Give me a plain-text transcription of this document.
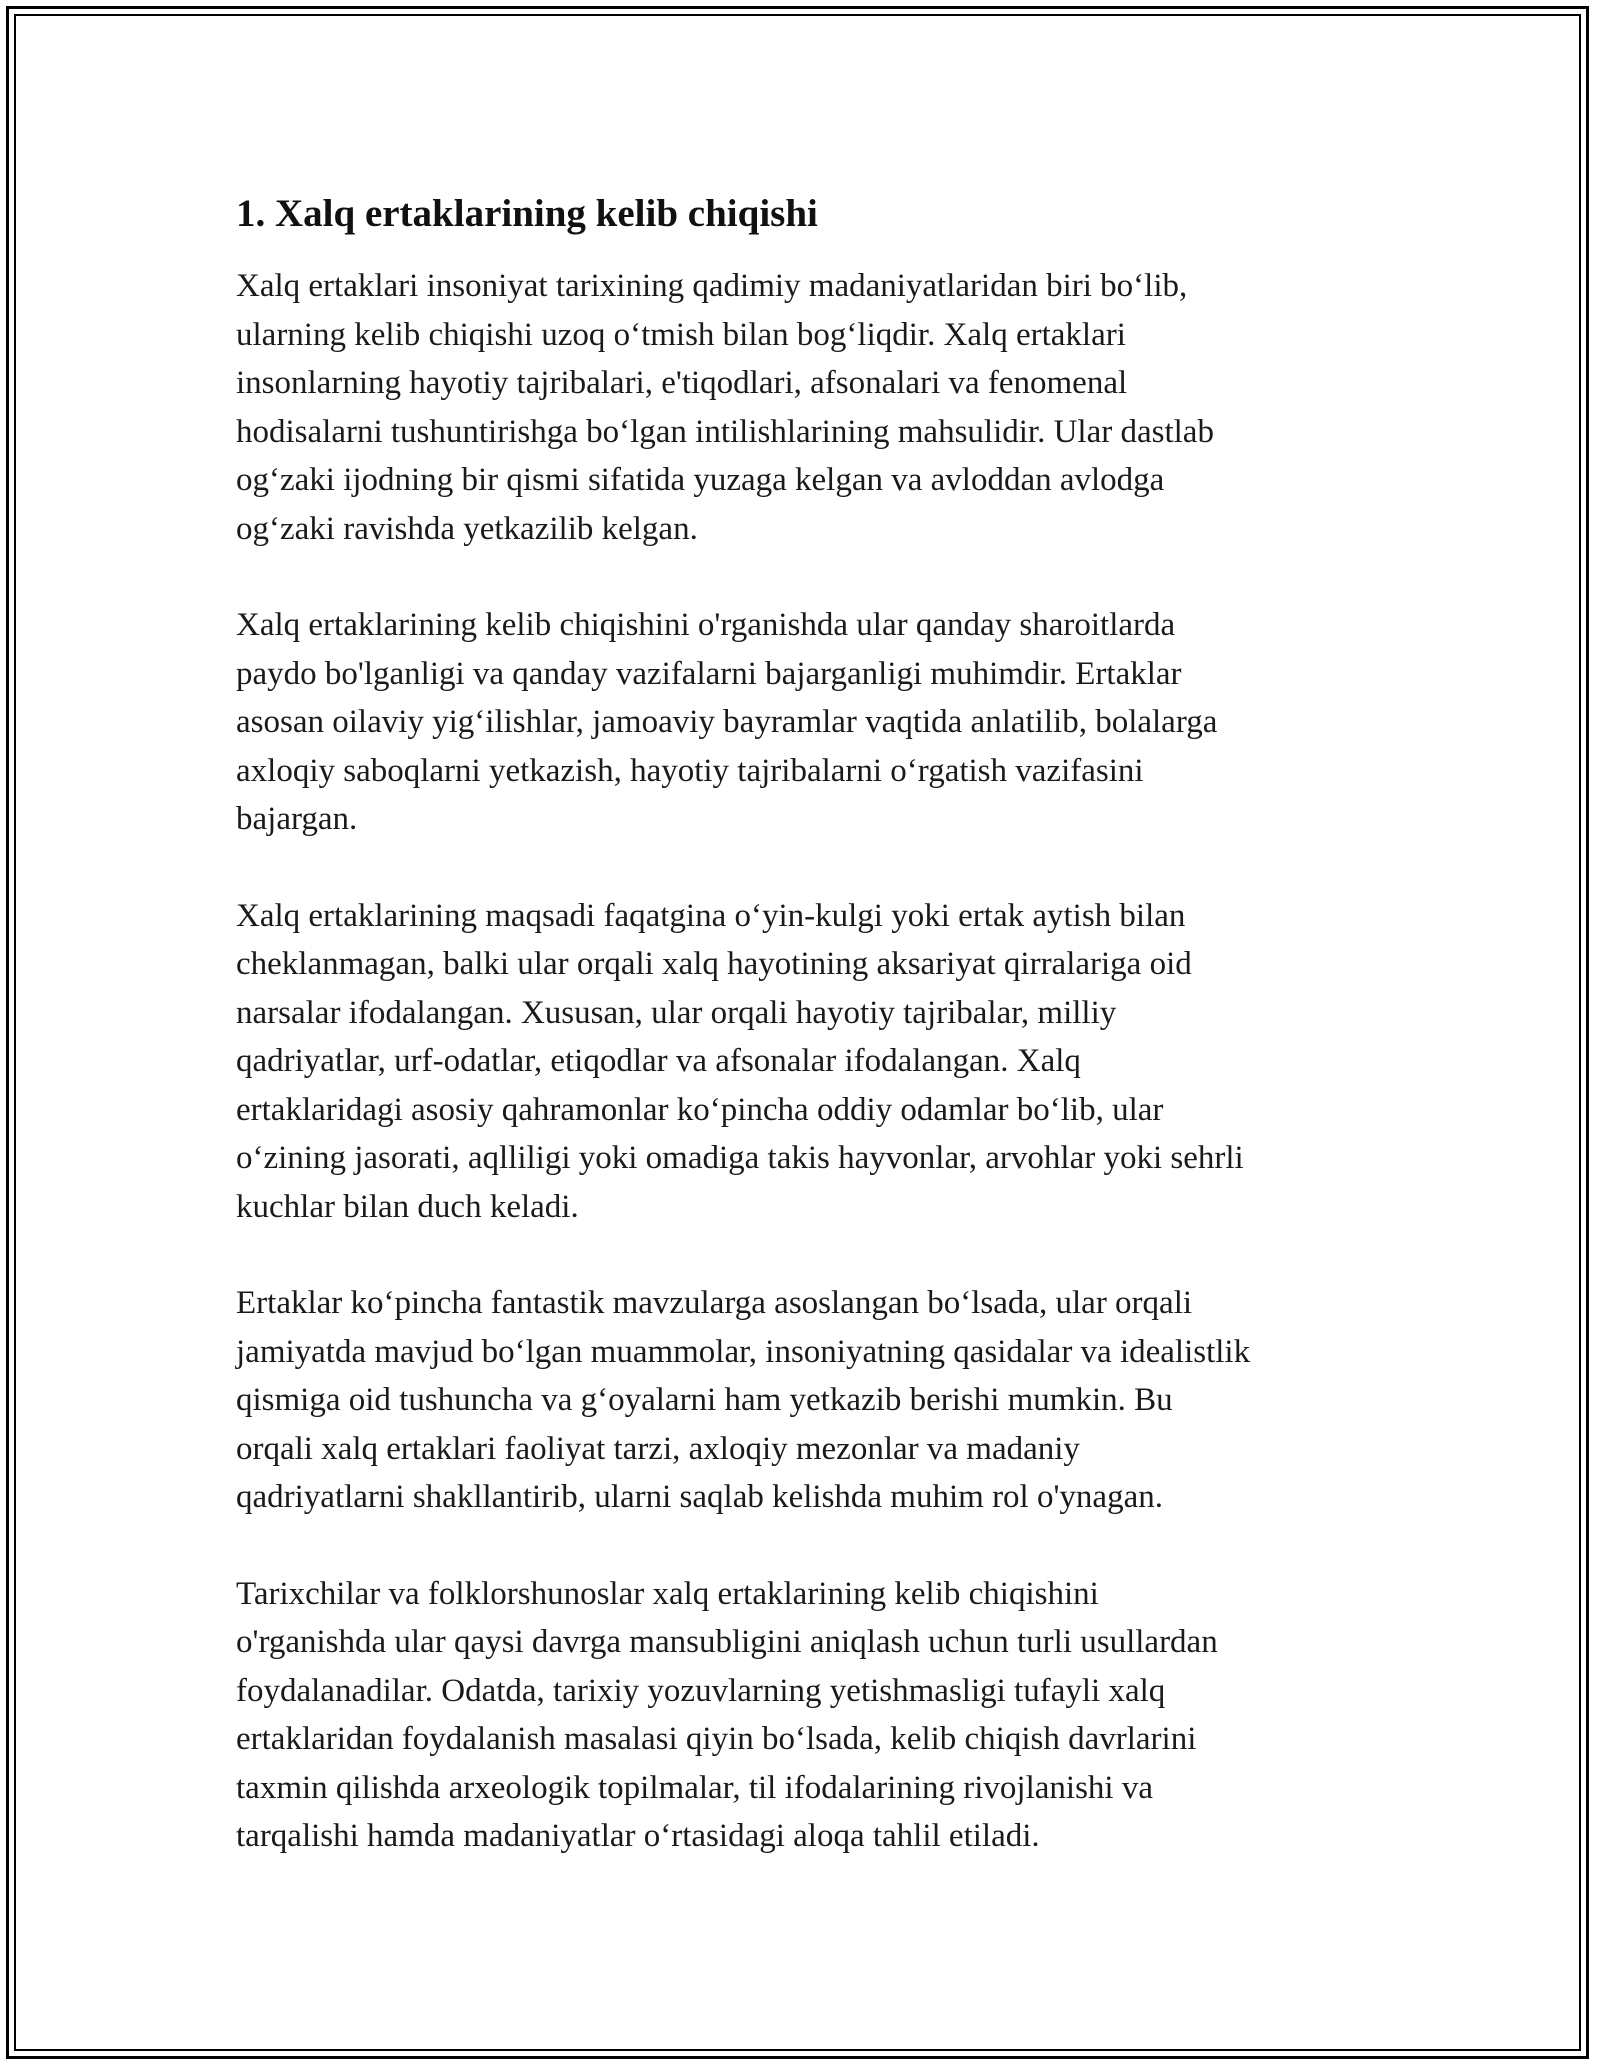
1. Xalq ertaklarining kelib chiqishi

Xalq ertaklari insoniyat tarixining qadimiy madaniyatlaridan biri bo‘lib,
ularning kelib chiqishi uzoq o‘tmish bilan bog‘liqdir. Xalq ertaklari
insonlarning hayotiy tajribalari, e'tiqodlari, afsonalari va fenomenal
hodisalarni tushuntirishga bo‘lgan intilishlarining mahsulidir. Ular dastlab
og‘zaki ijodning bir qismi sifatida yuzaga kelgan va avloddan avlodga
og‘zaki ravishda yetkazilib kelgan.

Xalq ertaklarining kelib chiqishini o'rganishda ular qanday sharoitlarda
paydo bo'lganligi va qanday vazifalarni bajarganligi muhimdir. Ertaklar
asosan oilaviy yig‘ilishlar, jamoaviy bayramlar vaqtida anlatilib, bolalarga
axloqiy saboqlarni yetkazish, hayotiy tajribalarni o‘rgatish vazifasini
bajargan.

Xalq ertaklarining maqsadi faqatgina o‘yin-kulgi yoki ertak aytish bilan
cheklanmagan, balki ular orqali xalq hayotining aksariyat qirralariga oid
narsalar ifodalangan. Xususan, ular orqali hayotiy tajribalar, milliy
qadriyatlar, urf-odatlar, etiqodlar va afsonalar ifodalangan. Xalq
ertaklaridagi asosiy qahramonlar ko‘pincha oddiy odamlar bo‘lib, ular
o‘zining jasorati, aqlliligi yoki omadiga takis hayvonlar, arvohlar yoki sehrli
kuchlar bilan duch keladi.

Ertaklar ko‘pincha fantastik mavzularga asoslangan bo‘lsada, ular orqali
jamiyatda mavjud bo‘lgan muammolar, insoniyatning qasidalar va idealistlik
qismiga oid tushuncha va g‘oyalarni ham yetkazib berishi mumkin. Bu
orqali xalq ertaklari faoliyat tarzi, axloqiy mezonlar va madaniy
qadriyatlarni shakllantirib, ularni saqlab kelishda muhim rol o'ynagan.

Tarixchilar va folklorshunoslar xalq ertaklarining kelib chiqishini
o'rganishda ular qaysi davrga mansubligini aniqlash uchun turli usullardan
foydalanadilar. Odatda, tarixiy yozuvlarning yetishmasligi tufayli xalq
ertaklaridan foydalanish masalasi qiyin bo‘lsada, kelib chiqish davrlarini
taxmin qilishda arxeologik topilmalar, til ifodalarining rivojlanishi va
tarqalishi hamda madaniyatlar o‘rtasidagi aloqa tahlil etiladi.
